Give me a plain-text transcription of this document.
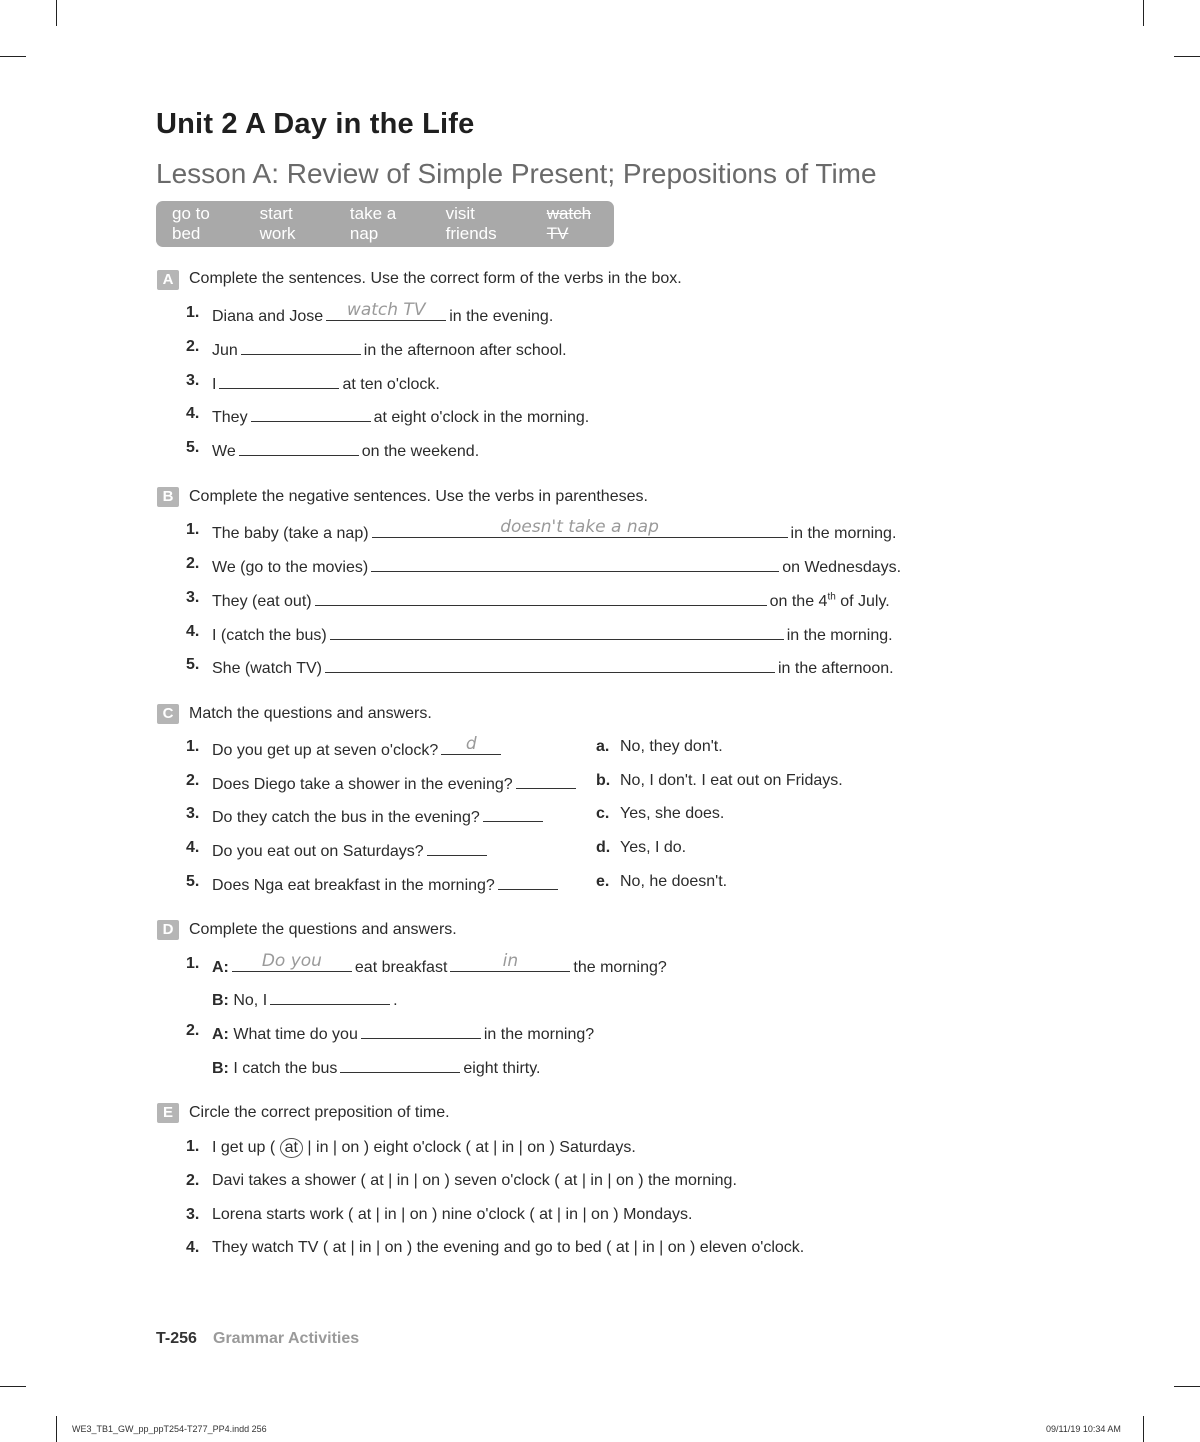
Unit 2 A Day in the Life
Lesson A: Review of Simple Present; Prepositions of Time
go to bed
start work
take a nap
visit friends
watch TV
A Complete the sentences. Use the correct form of the verbs in the box.
1. Diana and Jose	watch TV	in the evening.
2. Jun	in the afternoon after school.
3. I	at ten o'clock.
4. They	at eight o'clock in the morning.
5. We	on the weekend.
B Complete the negative sentences. Use the verbs in parentheses.
1. The baby (take a nap)	doesn't take a nap	in the morning.
2. We (go to the movies)	on Wednesdays.
3. They (eat out)	on the 4th of July.
4. I (catch the bus)	in the morning.
5. She (watch TV)	in the afternoon.
C Match the questions and answers.
1. Do you get up at seven o'clock?	d
2. Does Diego take a shower in the evening?
3. Do they catch the bus in the evening?
4. Do you eat out on Saturdays?
5. Does Nga eat breakfast in the morning?
a. No, they don't.
b. No, I don't. I eat out on Fridays.
c. Yes, she does.
d. Yes, I do.
e. No, he doesn't.
D Complete the questions and answers.
1. A:	Do you	eat breakfast	in	the morning?
B: No, I	.
2. A: What time do you	in the morning?
B: I catch the bus	eight thirty.
E	Circle the correct preposition of time.
1. I get up ( at | in | on ) eight o'clock ( at | in | on ) Saturdays.
2. Davi takes a shower ( at | in | on ) seven o'clock ( at | in | on ) the morning.
3. Lorena starts work ( at | in | on ) nine o'clock ( at | in | on ) Mondays.
4. They watch TV ( at | in | on ) the evening and go to bed ( at | in | on ) eleven o'clock.
T-256 Grammar Activities
WE3_TB1_GW_pp_ppT254-T277_PP4.indd 256	09/11/19 10:34 AM
